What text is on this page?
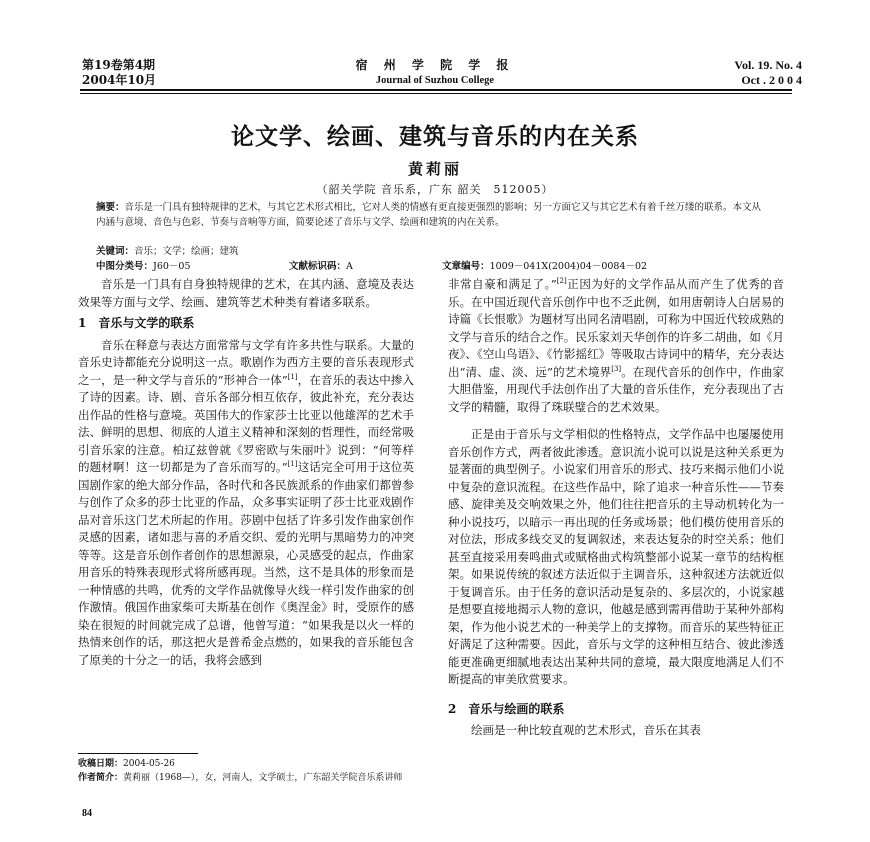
第19卷第4期
2004年10月
宿 州 学 院 学 报
Journal of Suzhou College
Vol. 19. No. 4
Oct . 2 0 0 4
论文学、绘画、建筑与音乐的内在关系
黄莉丽
（韶关学院 音乐系，广东 韶关　512005）
摘要：音乐是一门具有独特规律的艺术，与其它艺术形式相比，它对人类的情感有更直接更强烈的影响；另一方面它又与其它艺术有着千丝万缕的联系。本文从内涵与意境、音色与色彩、节奏与音响等方面，简要论述了音乐与文学、绘画和建筑的内在关系。
关键词：音乐；文学；绘画；建筑
中图分类号：J60－05	文献标识码：A	文章编号：1009－041X(2004)04－0084－02

音乐是一门具有自身独特规律的艺术，在其内涵、意境及表达效果等方面与文学、绘画、建筑等艺术种类有着诸多联系。

1　音乐与文学的联系

音乐在释意与表达方面常常与文学有许多共性与联系。大量的音乐史诗都能充分说明这一点。歌剧作为西方主要的音乐表现形式之一，是一种文学与音乐的“形神合一体”[1]，在音乐的表达中掺入了诗的因素。诗、剧、音乐各部分相互依存，彼此补充，充分表达出作品的性格与意境。英国伟大的作家莎士比亚以他雄浑的艺术手法、鲜明的思想、彻底的人道主义精神和深刻的哲理性，而经常吸引音乐家的注意。柏辽兹曾就《罗密欧与朱丽叶》说到：“何等样的题材啊！这一切都是为了音乐而写的。”[1]这话完全可用于这位英国剧作家的绝大部分作品，各时代和各民族派系的作曲家们都曾参与创作了众多的莎士比亚的作品，众多事实证明了莎士比亚戏剧作品对音乐这门艺术所起的作用。莎剧中包括了许多引发作曲家创作灵感的因素，诸如悲与喜的矛盾交织、爱的光明与黑暗势力的冲突等等。这是音乐创作者创作的思想源泉，心灵感受的起点，作曲家用音乐的特殊表现形式将所感再现。当然，这不是具体的形象而是一种情感的共鸣，优秀的文学作品就像导火线一样引发作曲家的创作激情。俄国作曲家柴可夫斯基在创作《奥涅金》时，受原作的感染在很短的时间就完成了总谱，他曾写道：“如果我是以火一样的热情来创作的话，那这把火是普希金点燃的，如果我的音乐能包含了原美的十分之一的话，我将会感到

非常自豪和满足了。”[2]正因为好的文学作品从而产生了优秀的音乐。在中国近现代音乐创作中也不乏此例，如用唐朝诗人白居易的诗篇《长恨歌》为题材写出同名清唱剧，可称为中国近代较成熟的文学与音乐的结合之作。民乐家刘天华创作的许多二胡曲，如《月夜》、《空山鸟语》、《竹影摇红》等吸取古诗词中的精华，充分表达出“清、虚、淡、远”的艺术境界[3]。在现代音乐的创作中，作曲家大胆借鉴，用现代手法创作出了大量的音乐佳作，充分表现出了古文学的精髓，取得了珠联璧合的艺术效果。

正是由于音乐与文学相似的性格特点，文学作品中也屡屡使用音乐创作方式，两者彼此渗透。意识流小说可以说是这种关系更为显著面的典型例子。小说家们用音乐的形式、技巧来揭示他们小说中复杂的意识流程。在这些作品中，除了追求一种音乐性——节奏感、旋律美及交响效果之外，他们往往把音乐的主导动机转化为一种小说技巧，以暗示一再出现的任务或场景；他们模仿使用音乐的对位法，形成多线交叉的复调叙述，来表达复杂的时空关系；他们甚至直接采用奏鸣曲式或赋格曲式构筑整部小说某一章节的结构框架。如果说传统的叙述方法近似于主调音乐，这种叙述方法就近似于复调音乐。由于任务的意识活动是复杂的、多层次的，小说家越是想要直接地揭示人物的意识，他越是感到需再借助于某种外部构架，作为他小说艺术的一种美学上的支撑物。而音乐的某些特征正好满足了这种需要。因此，音乐与文学的这种相互结合、彼此渗透能更准确更细腻地表达出某种共同的意境，最大限度地满足人们不断提高的审美欣赏要求。

2　音乐与绘画的联系

绘画是一种比较直观的艺术形式，音乐在其表

收稿日期：2004-05-26
作者简介：黄莉丽（1968—），女，河南人，文学硕士，广东韶关学院音乐系讲师
84
